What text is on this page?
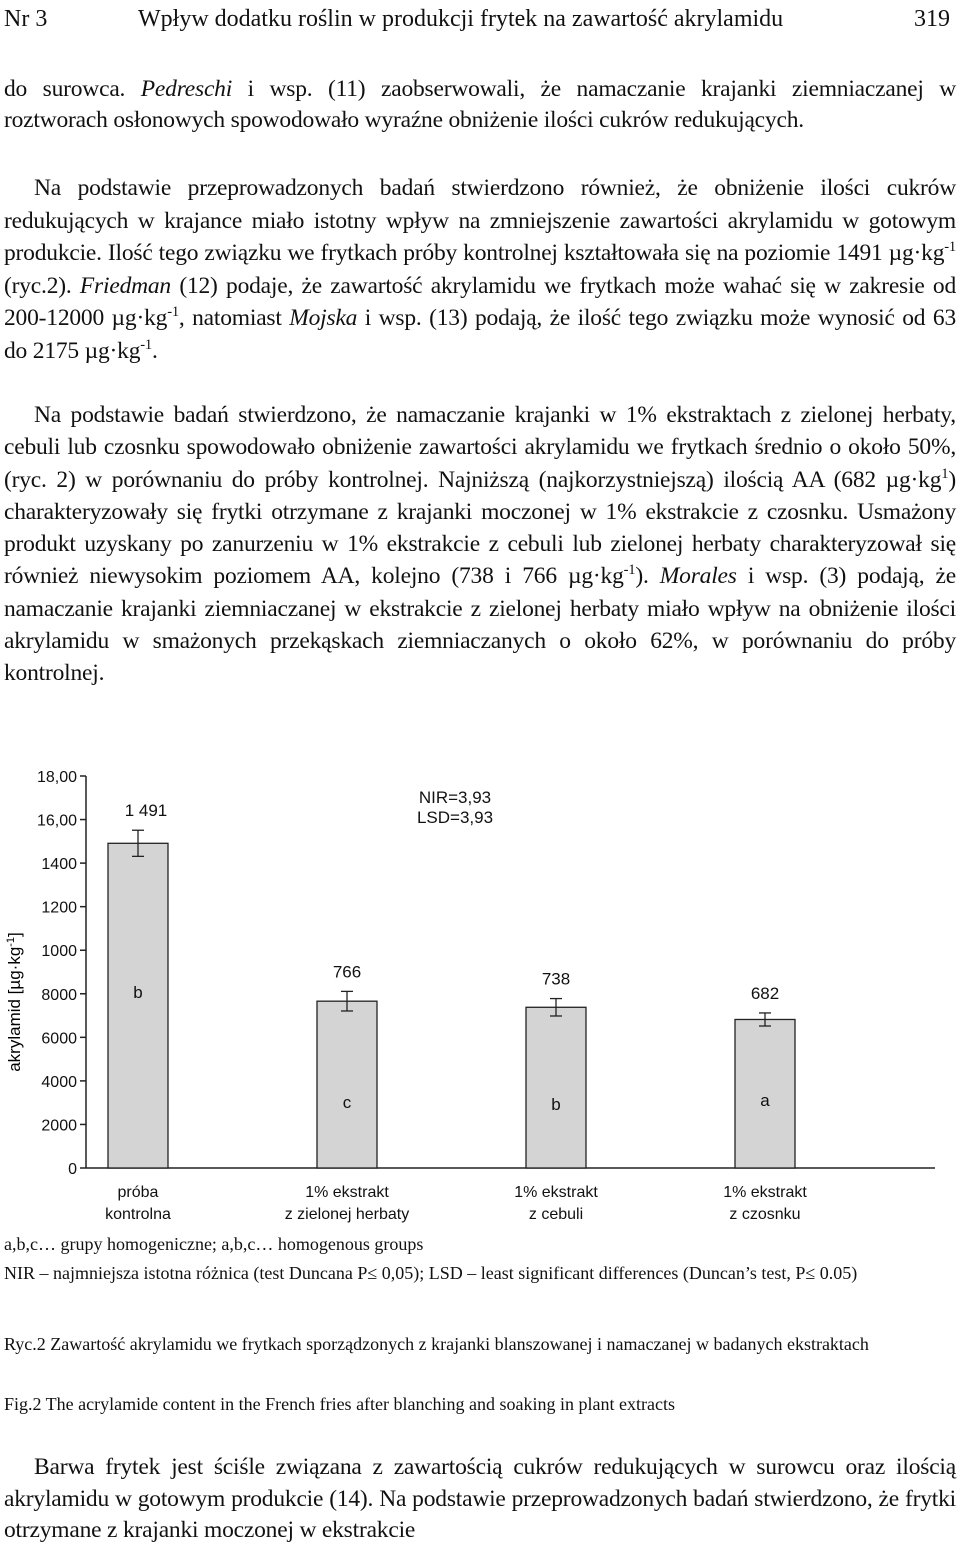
Nr 3	Wpływ dodatku roślin w produkcji frytek na zawartość akrylamidu	319

do surowca. Pedreschi i wsp. (11) zaobserwowali, że namaczanie krajanki ziemniaczanej w roztworach osłonowych spowodowało wyraźne obniżenie ilości cukrów redukujących.

Na podstawie przeprowadzonych badań stwierdzono również, że obniżenie ilości cukrów redukujących w krajance miało istotny wpływ na zmniejszenie zawartości akrylamidu w gotowym produkcie. Ilość tego związku we frytkach próby kontrolnej kształtowała się na poziomie 1491 $\mu g\cdot kg^{-1}$ (ryc.2). Friedman (12) podaje, że zawartość akrylamidu we frytkach może wahać się w zakresie od 200-12000 $\mu g\cdot kg^{-1}$, natomiast Mojska i wsp. (13) podają, że ilość tego związku może wynosić od 63 do 2175 $\mu g\cdot kg^{-1}$.

Na podstawie badań stwierdzono, że namaczanie krajanki w 1% ekstraktach z zielonej herbaty, cebuli lub czosnku spowodowało obniżenie zawartości akrylamidu we frytkach średnio o około 50%, (ryc. 2) w porównaniu do próby kontrolnej. Najniższą (najkorzystniejszą) ilością AA (682 $\mu g\cdot kg^1$) charakteryzowały się frytki otrzymane z krajanki moczonej w 1% ekstrakcie z czosnku. Usmażony produkt uzyskany po zanurzeniu w 1% ekstrakcie z cebuli lub zielonej herbaty charakteryzował się również niewysokim poziomem AA, kolejno (738 i 766 $\mu g\cdot kg^{-1}$). Morales i wsp. (3) podają, że namaczanie krajanki ziemniaczanej w ekstrakcie z zielonej herbaty miało wpływ na obniżenie ilości akrylamidu w smażonych przekąskach ziemniaczanych o około 62%, w porównaniu do próby kontrolnej.

akrylamid $[\mu g\cdot kg^{-1}]$
0
2000
4000
6000
8000
1000
1200
1400
16,00
18,00
NIR=3,93
LSD=3,93
b
1 491
próba
kontrolna
c
766
1% ekstrakt
z zielonej herbaty
b
738
1% ekstrakt
z cebuli
a
682
1% ekstrakt
z czosnku

a,b,c… grupy homogeniczne; a,b,c… homogenous groups

NIR – najmniejsza istotna różnica (test Duncana P≤ 0,05); LSD – least significant differences (Duncan’s test, P≤ 0.05)

Ryc.2 Zawartość akrylamidu we frytkach sporządzonych z krajanki blanszowanej i namaczanej w badanych ekstraktach

Fig.2 The acrylamide content in the French fries after blanching and soaking in plant extracts

Barwa frytek jest ściśle związana z zawartością cukrów redukujących w surowcu oraz ilością akrylamidu w gotowym produkcie (14). Na podstawie przeprowadzonych badań stwierdzono, że frytki otrzymane z krajanki moczonej w ekstrakcie
